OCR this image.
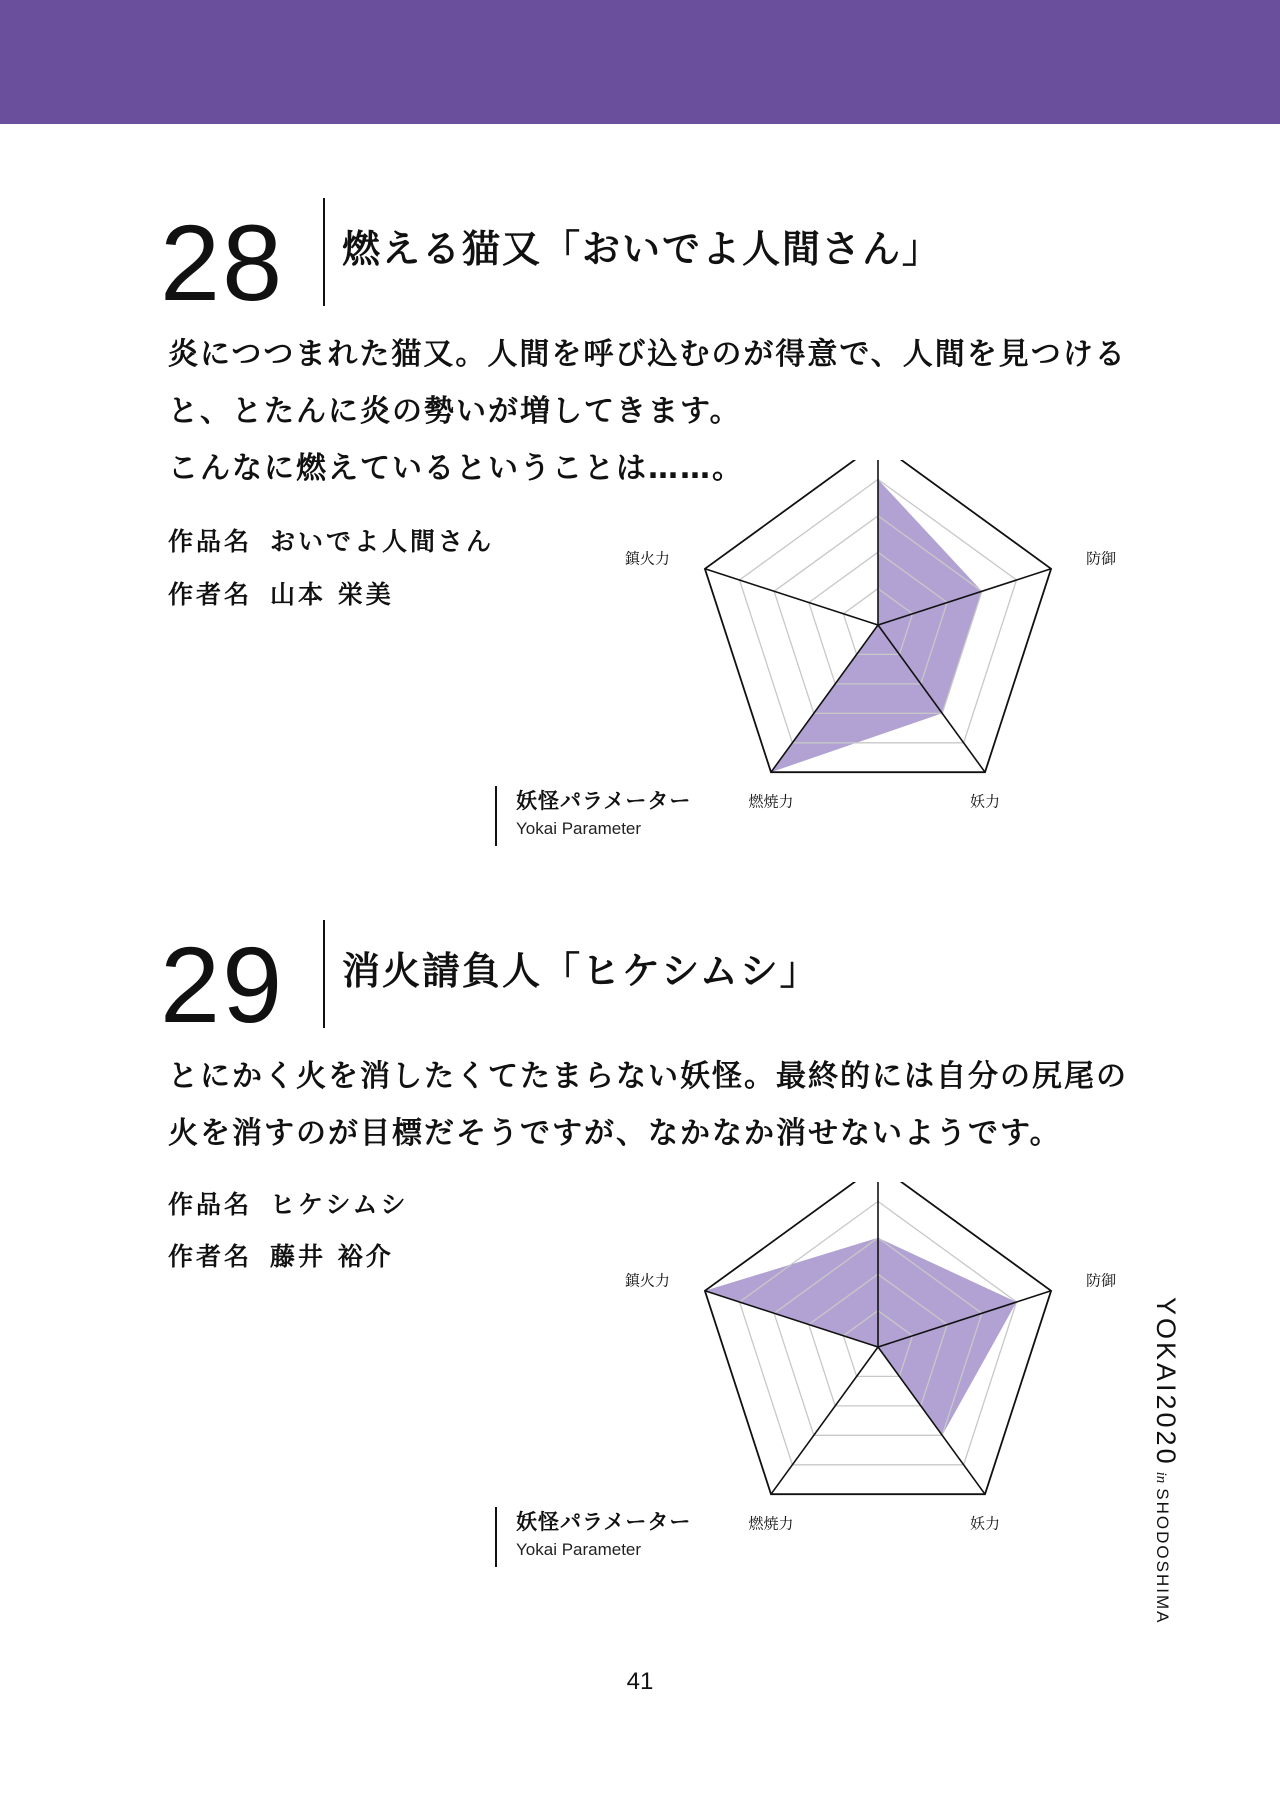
28 燃える猫又「おいでよ人間さん」
炎につつまれた猫又。人間を呼び込むのが得意で、人間を見つける
と、とたんに炎の勢いが増してきます。
こんなに燃えているということは……。
作品名 おいでよ人間さん
作者名 山本 栄美
妖怪パラメーター
Yokai Parameter
防御
妖力
燃焼力
鎮火力
29 消火請負人「ヒケシムシ」
とにかく火を消したくてたまらない妖怪。最終的には自分の尻尾の
火を消すのが目標だそうですが、なかなか消せないようです。
作品名 ヒケシムシ
作者名 藤井 裕介
妖怪パラメーター
Yokai Parameter
防御
妖力
燃焼力
鎮火力
YOKAI2020inSHODOSHIMA
41
